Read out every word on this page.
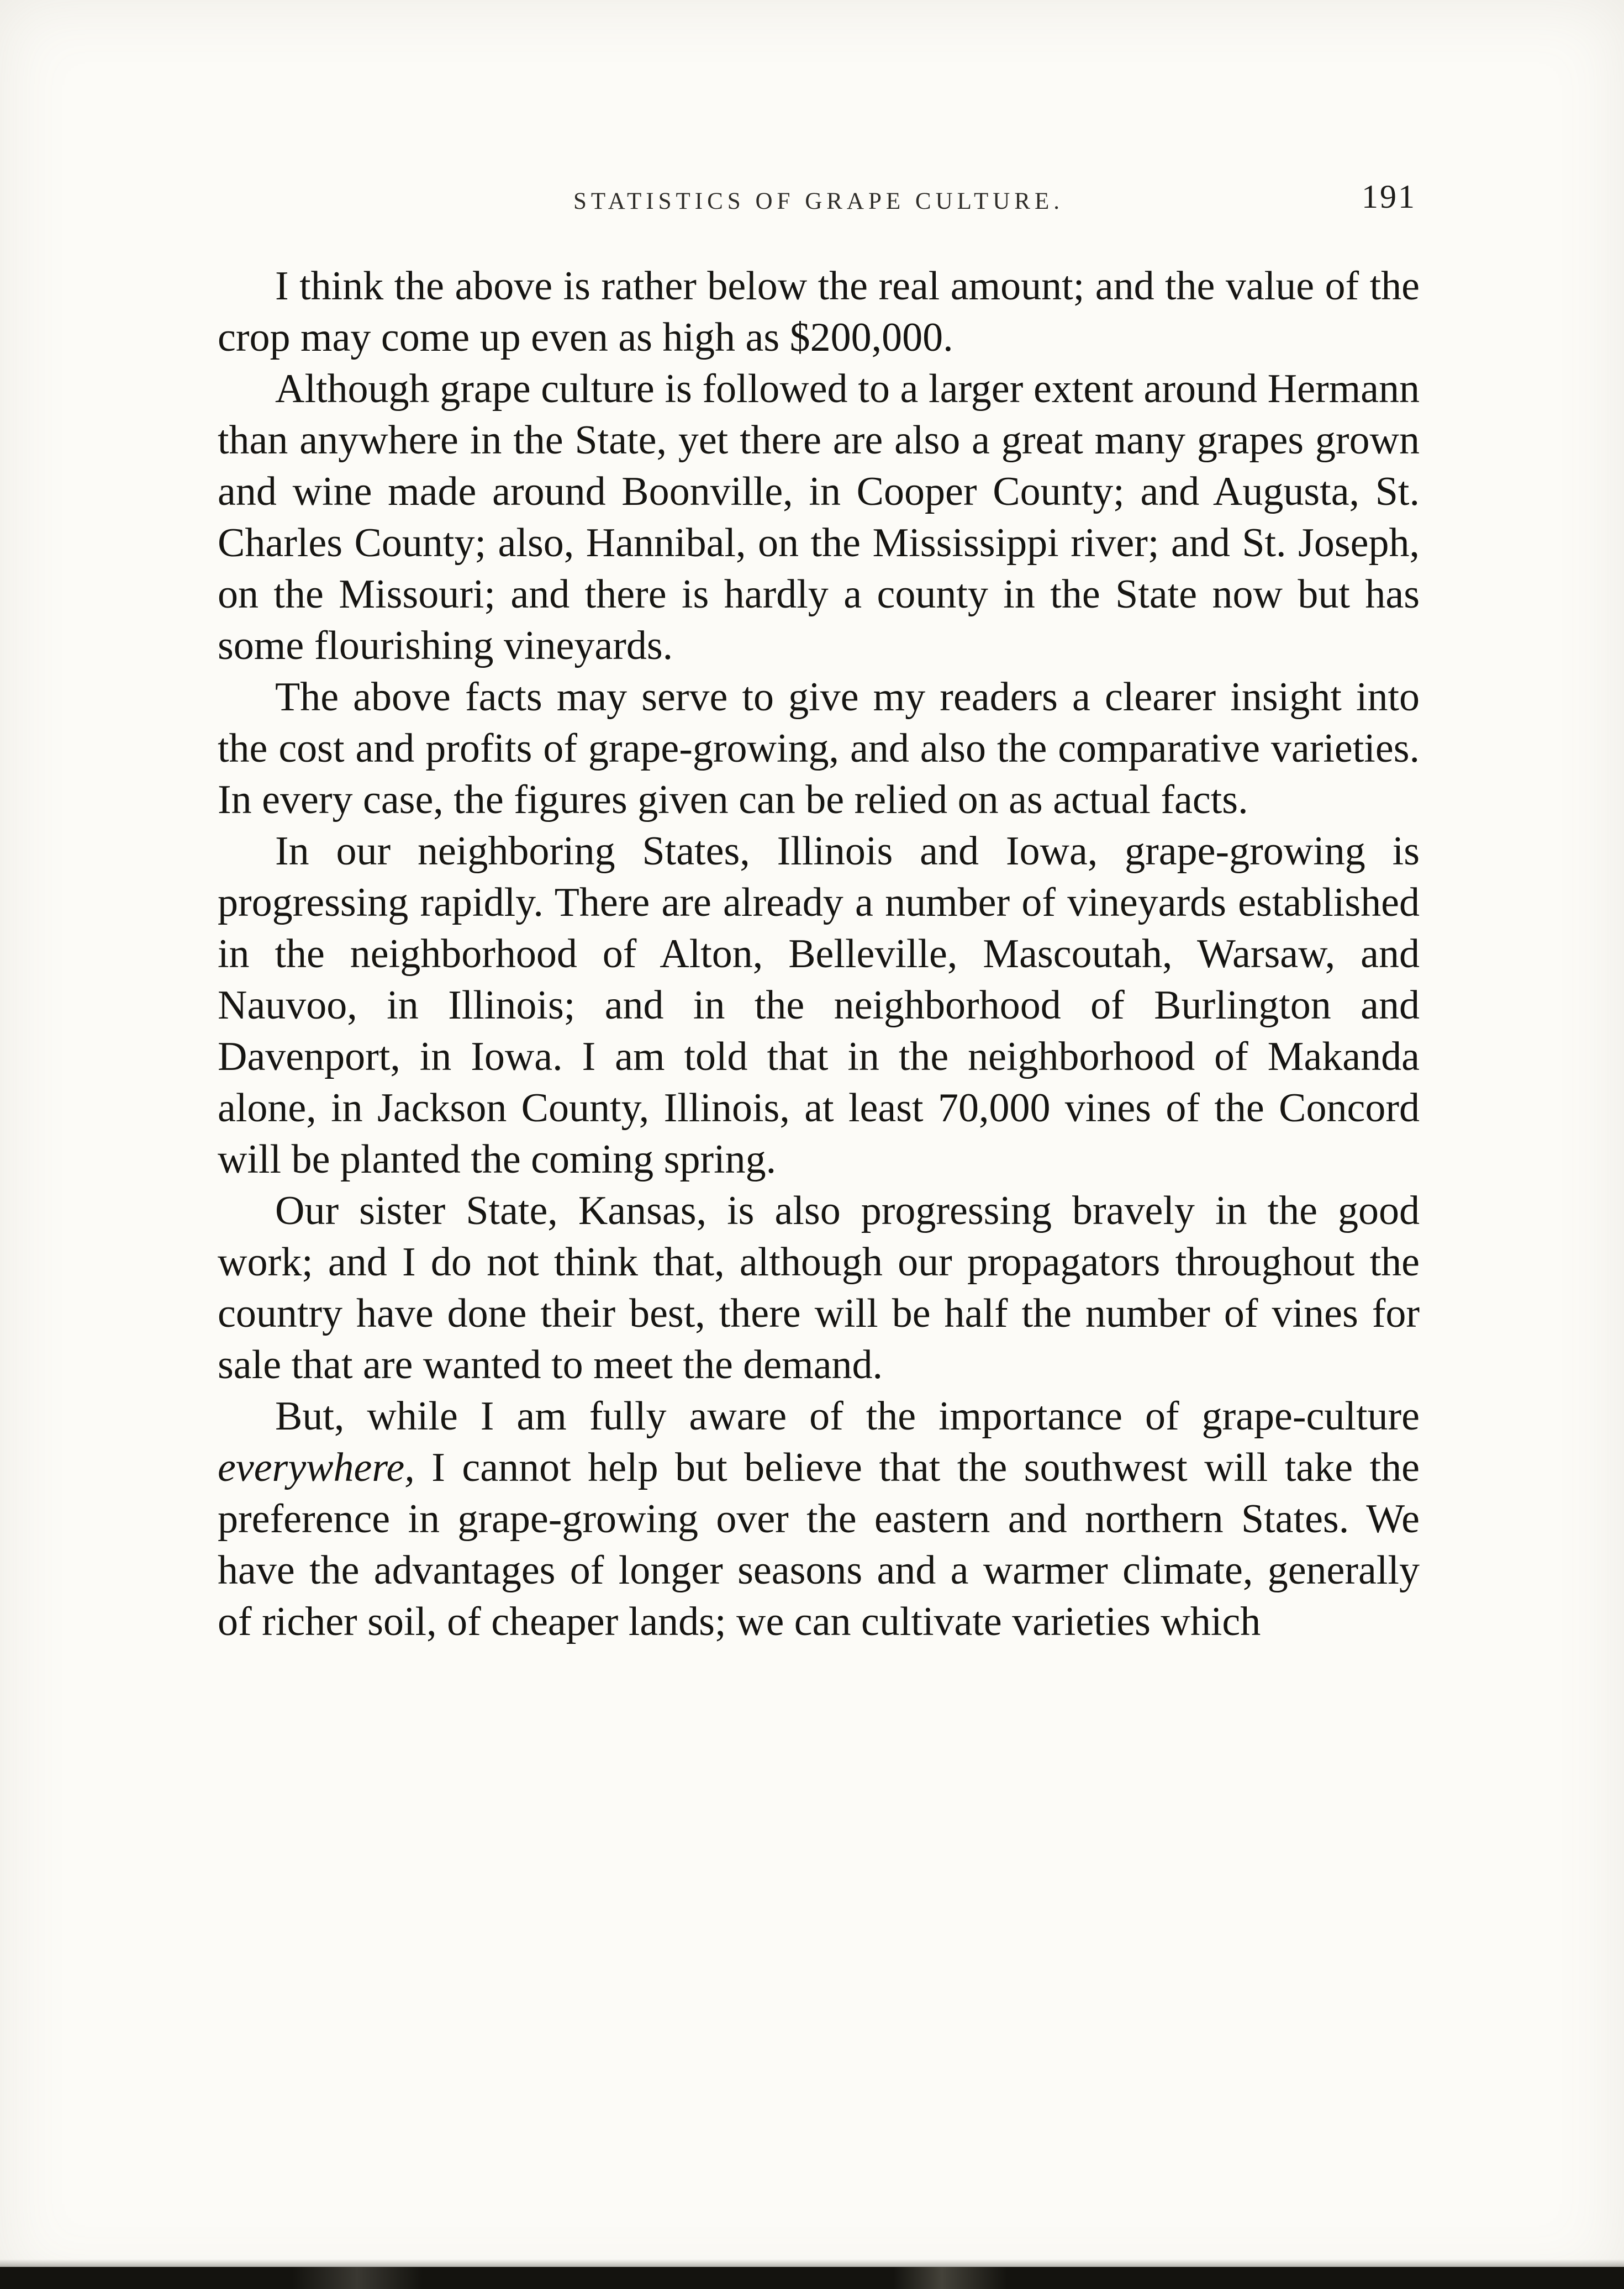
STATISTICS OF GRAPE CULTURE.	191

I think the above is rather below the real amount; and the value of the crop may come up even as high as $200,000.

Although grape culture is followed to a larger extent around Hermann than anywhere in the State, yet there are also a great many grapes grown and wine made around Boonville, in Cooper County; and Augusta, St. Charles County; also, Hannibal, on the Mississippi river; and St. Joseph, on the Missouri; and there is hardly a county in the State now but has some flourishing vineyards.

The above facts may serve to give my readers a clearer insight into the cost and profits of grape-growing, and also the comparative varieties. In every case, the figures given can be relied on as actual facts.

In our neighboring States, Illinois and Iowa, grape-growing is progressing rapidly. There are already a number of vineyards established in the neighborhood of Alton, Belleville, Mascoutah, Warsaw, and Nauvoo, in Illinois; and in the neighborhood of Burlington and Davenport, in Iowa. I am told that in the neighborhood of Makanda alone, in Jackson County, Illinois, at least 70,000 vines of the Concord will be planted the coming spring.

Our sister State, Kansas, is also progressing bravely in the good work; and I do not think that, although our propagators throughout the country have done their best, there will be half the number of vines for sale that are wanted to meet the demand.

But, while I am fully aware of the importance of grape-culture everywhere, I cannot help but believe that the southwest will take the preference in grape-growing over the eastern and northern States. We have the advantages of longer seasons and a warmer climate, generally of richer soil, of cheaper lands; we can cultivate varieties which
